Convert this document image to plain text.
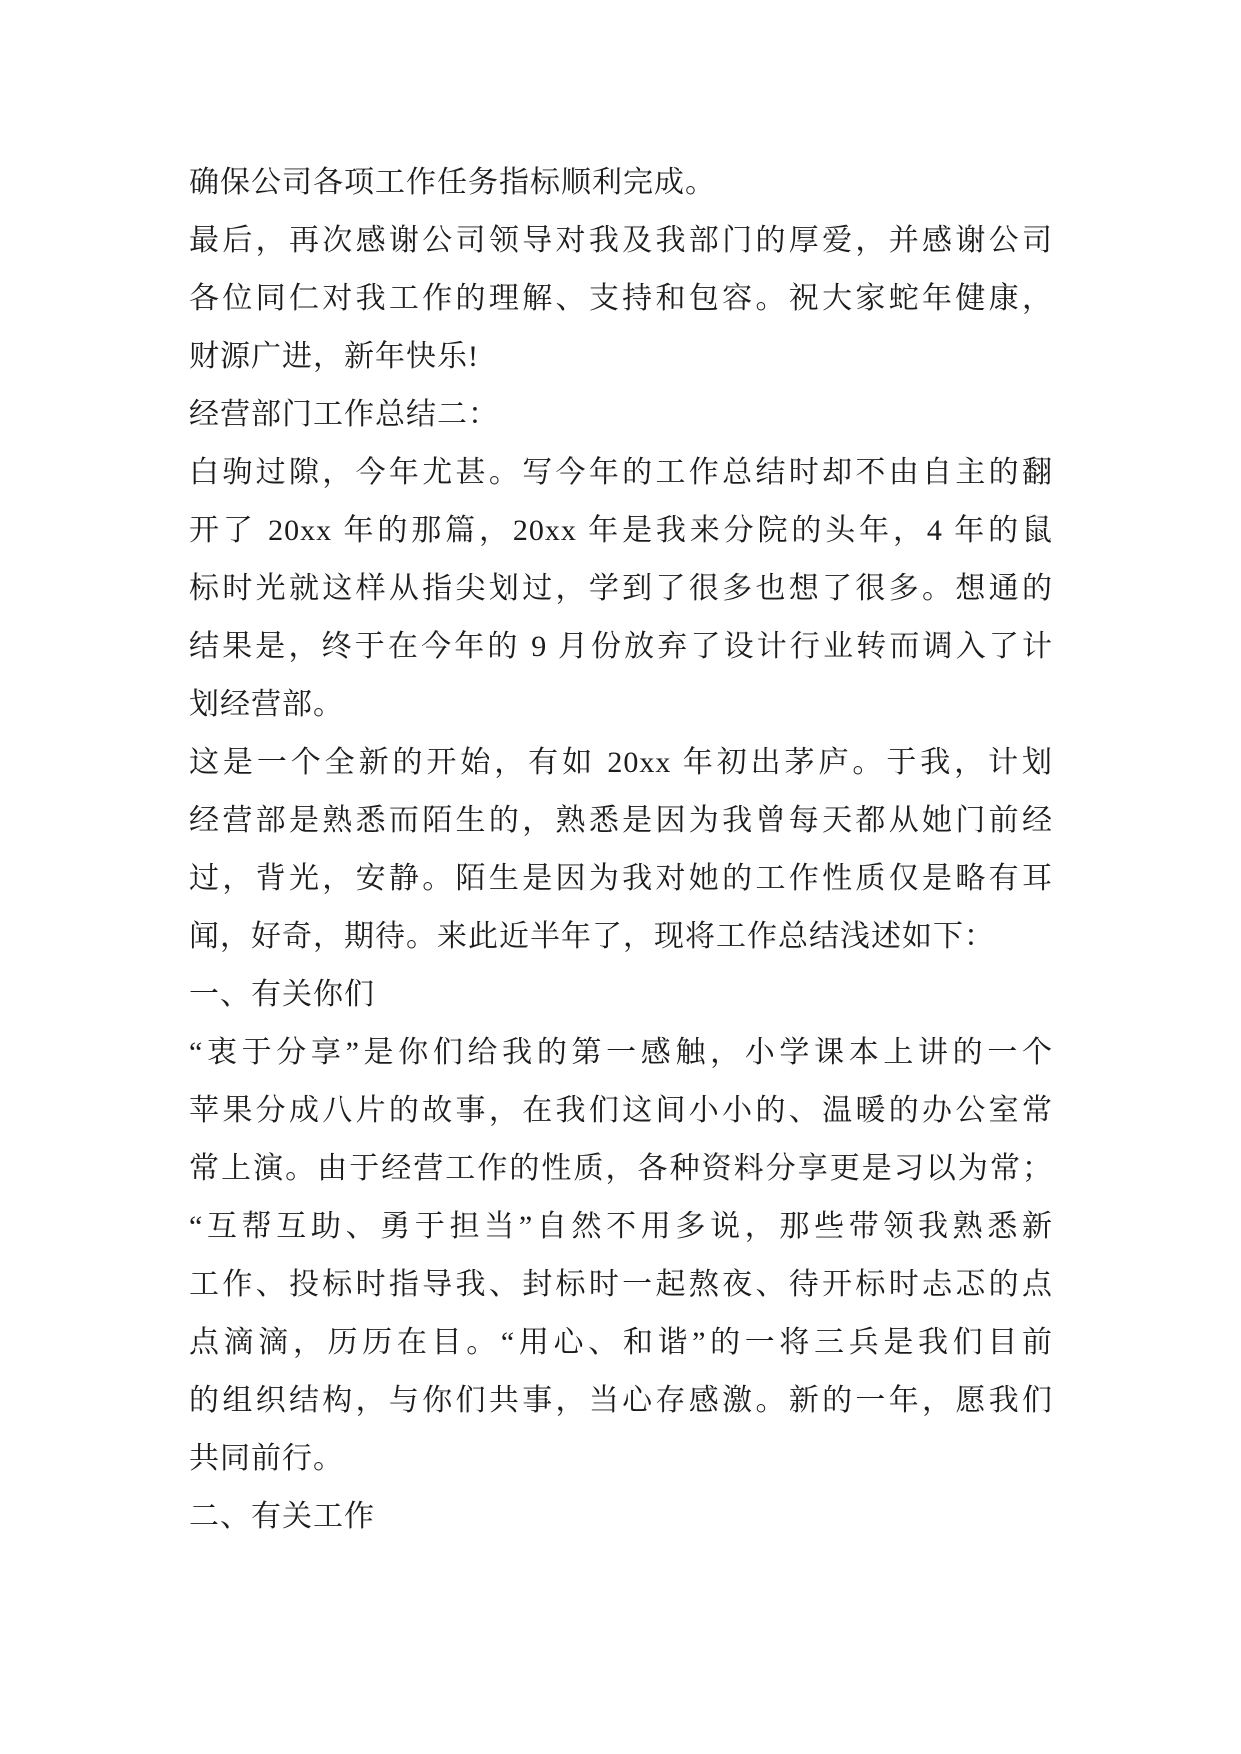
确保公司各项工作任务指标顺利完成。
最后，再次感谢公司领导对我及我部门的厚爱，并感谢公司
各位同仁对我工作的理解、支持和包容。祝大家蛇年健康，
财源广进，新年快乐!
经营部门工作总结二：
白驹过隙，今年尤甚。写今年的工作总结时却不由自主的翻
开了 20xx 年的那篇，20xx 年是我来分院的头年，4 年的鼠
标时光就这样从指尖划过，学到了很多也想了很多。想通的
结果是，终于在今年的 9 月份放弃了设计行业转而调入了计
划经营部。
这是一个全新的开始，有如 20xx 年初出茅庐。于我，计划
经营部是熟悉而陌生的，熟悉是因为我曾每天都从她门前经
过，背光，安静。陌生是因为我对她的工作性质仅是略有耳
闻，好奇，期待。来此近半年了，现将工作总结浅述如下：
一、有关你们
“衷于分享”是你们给我的第一感触，小学课本上讲的一个
苹果分成八片的故事，在我们这间小小的、温暖的办公室常
常上演。由于经营工作的性质，各种资料分享更是习以为常；
“互帮互助、勇于担当”自然不用多说，那些带领我熟悉新
工作、投标时指导我、封标时一起熬夜、待开标时忐忑的点
点滴滴，历历在目。“用心、和谐”的一将三兵是我们目前
的组织结构，与你们共事，当心存感激。新的一年，愿我们
共同前行。
二、有关工作
